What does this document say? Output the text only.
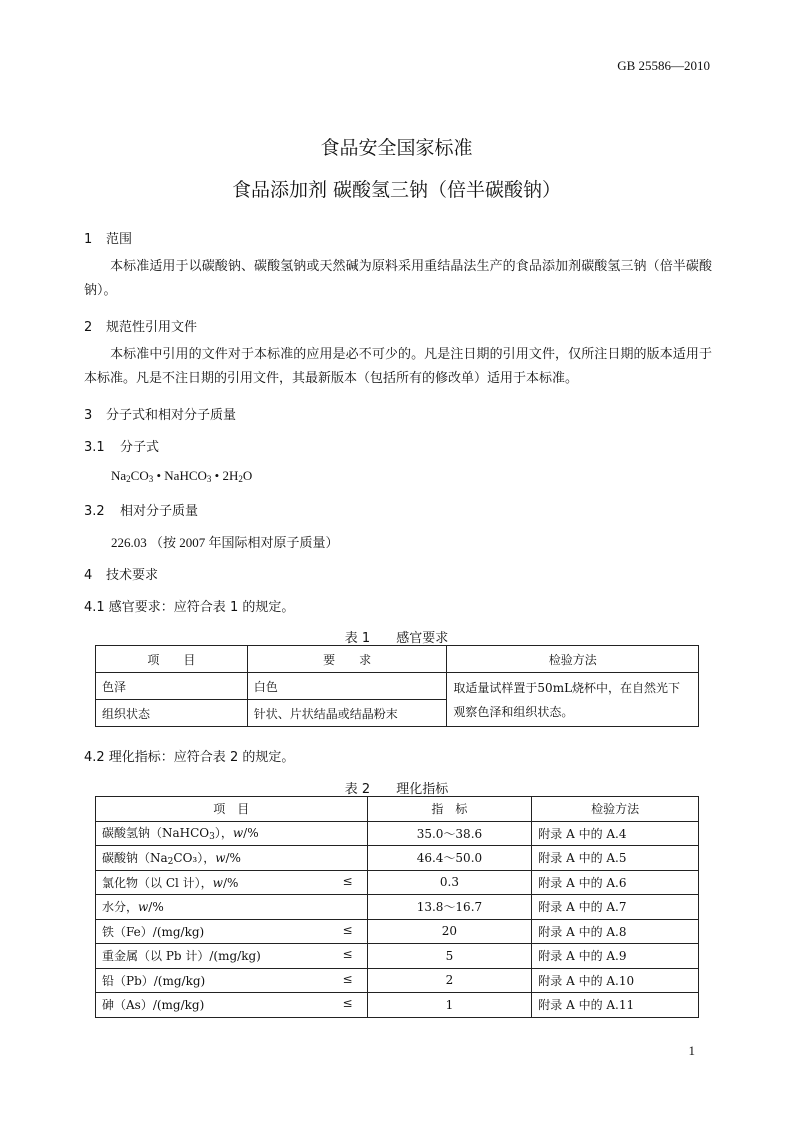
GB 25586—2010
食品安全国家标准
食品添加剂 碳酸氢三钠（倍半碳酸钠）
1 范围
本标准适用于以碳酸钠、碳酸氢钠或天然碱为原料采用重结晶法生产的食品添加剂碳酸氢三钠（倍半碳酸钠）。
2 规范性引用文件
本标准中引用的文件对于本标准的应用是必不可少的。凡是注日期的引用文件，仅所注日期的版本适用于本标准。凡是不注日期的引用文件，其最新版本（包括所有的修改单）适用于本标准。
3 分子式和相对分子质量
3.1 分子式
$Na_2CO_3$ • NaHCO$_3$ • $2H_2O$
3.2 相对分子质量
226.03 （按 2007 年国际相对原子质量）
4 技术要求
4.1 感官要求：应符合表 1 的规定。
表 1 感官要求
项　　目	要　　求	检验方法
色泽	白色	取适量试样置于50mL烧杯中，在自然光下观察色泽和组织状态。
组织状态	针状、片状结晶或结晶粉末	
4.2 理化指标：应符合表 2 的规定。
表 2 理化指标
项　目	指　标	检验方法
碳酸氢钠（NaHCO$_3$），w/%	35.0～38.6	附录 A 中的 A.4
碳酸钠$(Na_2CO_3)$，w/%	46.4～50.0	附录 A 中的 A.5
氯化物（以 Cl 计），w/% ≤	0.3	附录 A 中的 A.6
水分，w/%	13.8～16.7	附录 A 中的 A.7
铁（Fe）/(mg/kg) ≤	20	附录 A 中的 A.8
重金属（以 Pb 计）/(mg/kg) ≤	5	附录 A 中的 A.9
铅（Pb）/(mg/kg) ≤	2	附录 A 中的 A.10
砷（As）/(mg/kg) ≤	1	附录 A 中的 A.11
1
